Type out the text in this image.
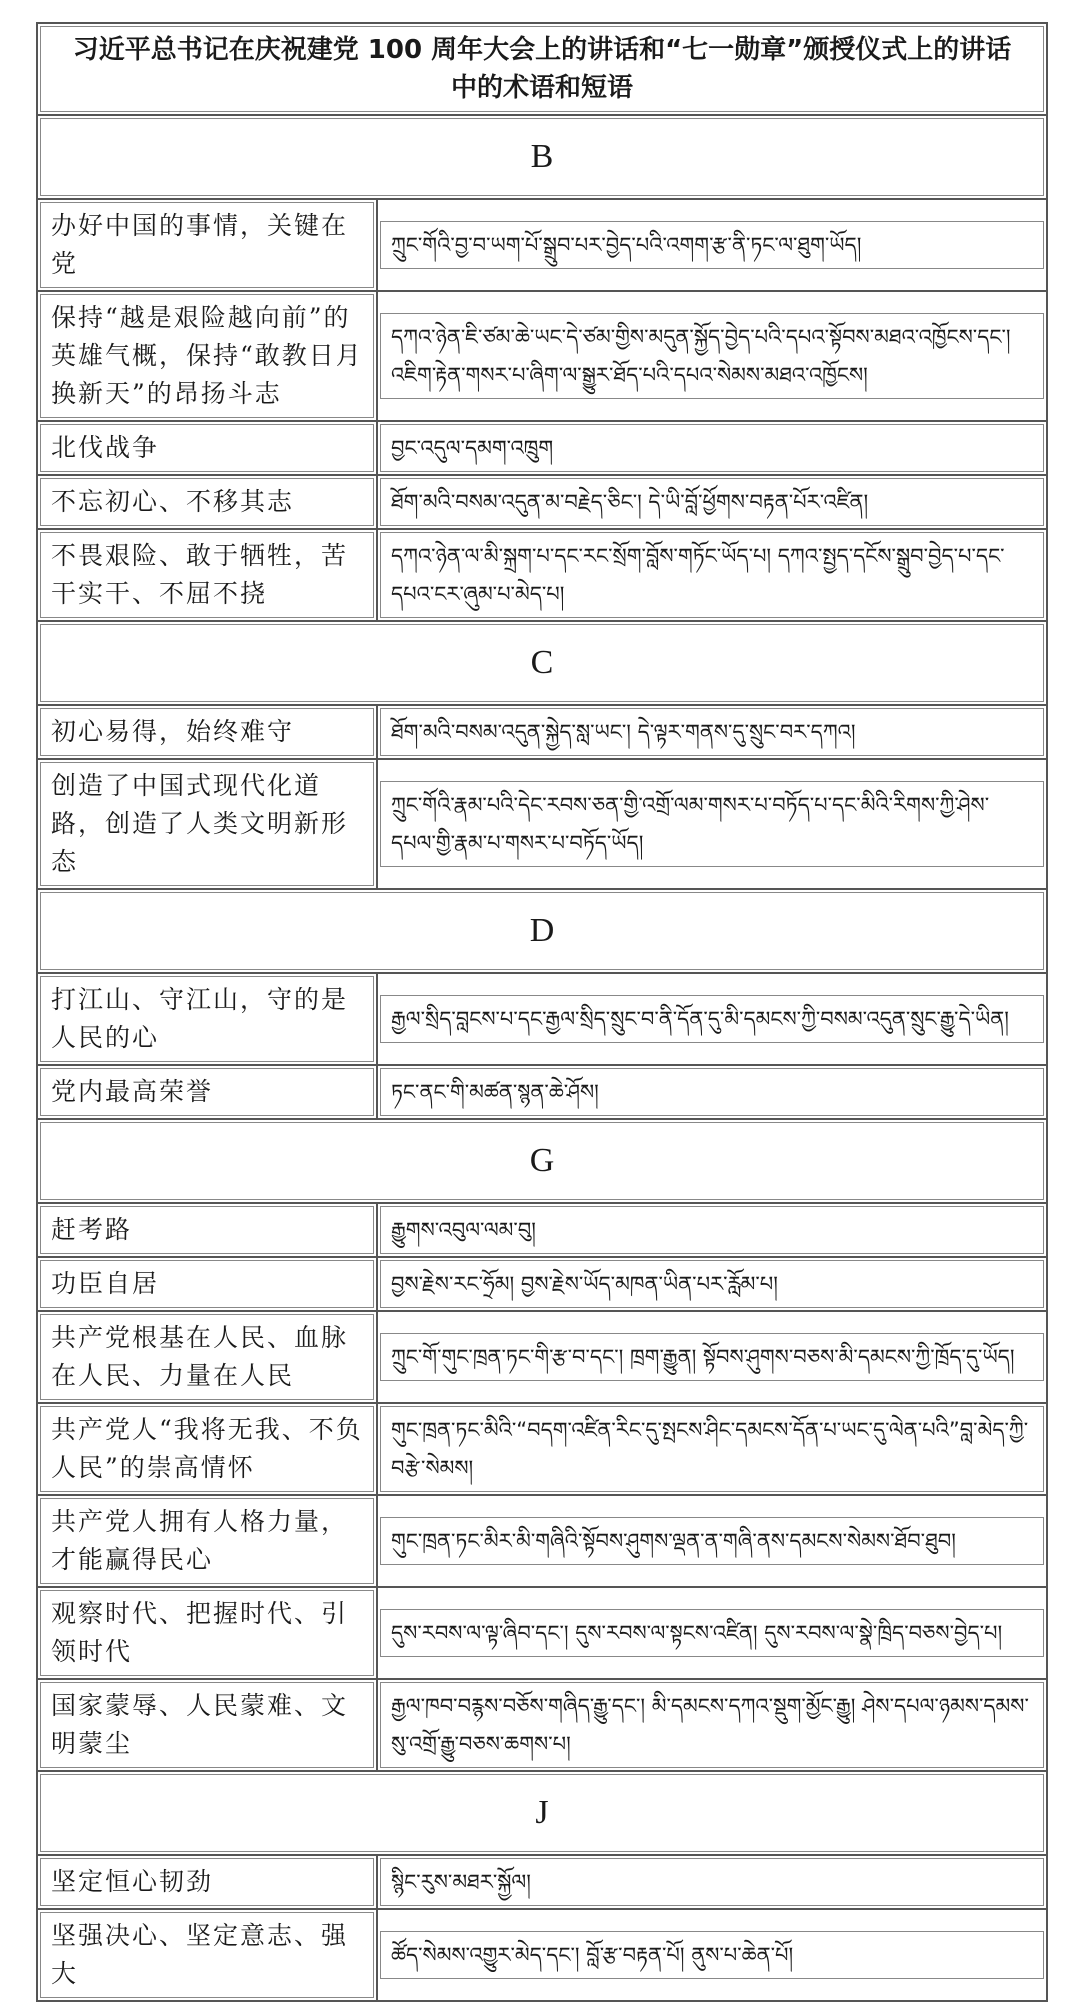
习近平总书记在庆祝建党 100 周年大会上的讲话和“七一勋章”颁授仪式上的讲话中的术语和短语	

B	

办好中国的事情，关键在党	ཀྲུང་གོའི་བྱ་བ་ཡག་པོ་སྒྲུབ་པར་བྱེད་པའི་འགག་རྩ་ནི་ཏང་ལ་ཐུག་ཡོད།

保持“越是艰险越向前”的英雄气概，保持“敢教日月换新天”的昂扬斗志	དཀའ་ཉེན་ཇི་ཙམ་ཆེ་ཡང་དེ་ཙམ་གྱིས་མདུན་སྐྱོད་བྱེད་པའི་དཔའ་སྟོབས་མཐའ་འཁྱོངས་དང་། འཇིག་རྟེན་གསར་པ་ཞིག་ལ་སྒྱུར་ཐོད་པའི་དཔའ་སེམས་མཐའ་འཁྱོངས།

北伐战争	བྱང་འདུལ་དམག་འཁྲུག

不忘初心、不移其志	ཐོག་མའི་བསམ་འདུན་མ་བརྗེད་ཅིང་། དེ་ཡི་བློ་ཕྱོགས་བརྟན་པོར་འཛིན།

不畏艰险、敢于牺牲，苦干实干、不屈不挠	དཀའ་ཉེན་ལ་མི་སྐྲག་པ་དང་རང་སྲོག་བློས་གཏོང་ཡོད་པ། དཀའ་སྤྱད་དངོས་སྒྲུབ་བྱེད་པ་དང་དཔའ་ངར་ཞུམ་པ་མེད་པ།

C	

初心易得，始终难守	ཐོག་མའི་བསམ་འདུན་སྐྱེད་སླ་ཡང་། དེ་ལྟར་གནས་དུ་སྲུང་བར་དཀའ།

创造了中国式现代化道路，创造了人类文明新形态	ཀྲུང་གོའི་རྣམ་པའི་དེང་རབས་ཅན་གྱི་འགྲོ་ལམ་གསར་པ་བཏོད་པ་དང་མིའི་རིགས་ཀྱི་ཤེས་དཔལ་གྱི་རྣམ་པ་གསར་པ་བཏོད་ཡོད།

D	

打江山、守江山，守的是人民的心	རྒྱལ་སྲིད་བླངས་པ་དང་རྒྱལ་སྲིད་སྲུང་བ་ནི་དོན་དུ་མི་དམངས་ཀྱི་བསམ་འདུན་སྲུང་རྒྱུ་དེ་ཡིན།

党内最高荣誉	ཏང་ནང་གི་མཚན་སྙན་ཆེ་ཤོས།

G	

赶考路	རྒྱུགས་འབུལ་ལམ་བུ།

功臣自居	བྱས་རྗེས་རང་ཧྲོམ། བྱས་རྗེས་ཡོད་མཁན་ཡིན་པར་རློམ་པ།

共产党根基在人民、血脉在人民、力量在人民	ཀྲུང་གོ་གུང་ཁྲན་ཏང་གི་རྩ་བ་དང་། ཁྲག་རྒྱུན། སྟོབས་ཤུགས་བཅས་མི་དམངས་ཀྱི་ཁྲོད་དུ་ཡོད།

共产党人“我将无我、不负人民”的崇高情怀	གུང་ཁྲན་ཏང་མིའི་“བདག་འཛིན་རིང་དུ་སྤངས་ཤིང་དམངས་དོན་པ་ཡང་དུ་ལེན་པའི”བླ་མེད་ཀྱི་བརྩེ་སེམས།

共产党人拥有人格力量，才能赢得民心	གུང་ཁྲན་ཏང་མིར་མི་གཞིའི་སྟོབས་ཤུགས་ལྡན་ན་གཞི་ནས་དམངས་སེམས་ཐོབ་ཐུབ།

观察时代、把握时代、引领时代	དུས་རབས་ལ་ལྟ་ཞིབ་དང་། དུས་རབས་ལ་སྟངས་འཛིན། དུས་རབས་ལ་སྣེ་ཁྲིད་བཅས་བྱེད་པ།

国家蒙辱、人民蒙难、文明蒙尘	རྒྱལ་ཁབ་བརྙས་བཅོས་གཞིད་རྒྱུ་དང་། མི་དམངས་དཀའ་སྡུག་མྱོང་རྒྱུ། ཤེས་དཔལ་ཉམས་དམས་སུ་འགྲོ་རྒྱུ་བཅས་ཆགས་པ།

J	

坚定恒心韧劲	སྙིང་རུས་མཐར་སྐྱོལ།

坚强决心、坚定意志、强大	ཚོད་སེམས་འགྱུར་མེད་དང་། བློ་རྩ་བརྟན་པོ། ནུས་པ་ཆེན་པོ།
